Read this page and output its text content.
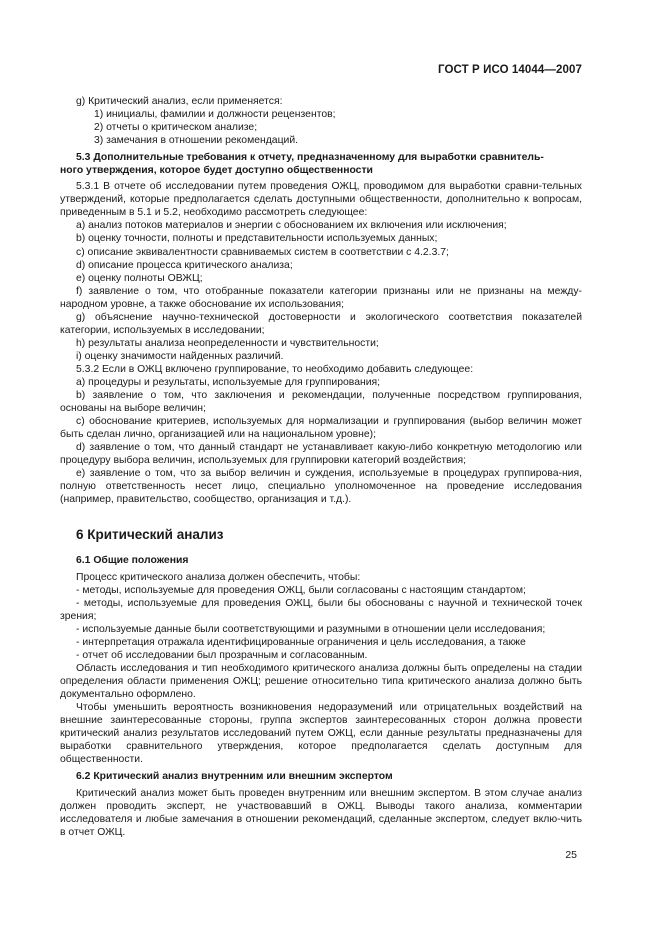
ГОСТ Р ИСО 14044—2007

g) Критический анализ, если применяется:

1) инициалы, фамилии и должности рецензентов;

2) отчеты о критическом анализе;

3) замечания в отношении рекомендаций.

5.3 Дополнительные требования к отчету, предназначенному для выработки сравнитель-

ного утверждения, которое будет доступно общественности

5.3.1 В отчете об исследовании путем проведения ОЖЦ, проводимом для выработки сравни-тельных утверждений, которые предполагается сделать доступными общественности, дополнительно к вопросам, приведенным в 5.1 и 5.2, необходимо рассмотреть следующее:

a) анализ потоков материалов и энергии с обоснованием их включения или исключения;

b) оценку точности, полноты и представительности используемых данных;

c) описание эквивалентности сравниваемых систем в соответствии с 4.2.3.7;

d) описание процесса критического анализа;

e) оценку полноты ОВЖЦ;

f) заявление о том, что отобранные показатели категории признаны или не признаны на между-народном уровне, а также обоснование их использования;

g) объяснение научно-технической достоверности и экологического соответствия показателей категории, используемых в исследовании;

h) результаты анализа неопределенности и чувствительности;

i) оценку значимости найденных различий.

5.3.2 Если в ОЖЦ включено группирование, то необходимо добавить следующее:

a) процедуры и результаты, используемые для группирования;

b) заявление о том, что заключения и рекомендации, полученные посредством группирования, основаны на выборе величин;

c) обоснование критериев, используемых для нормализации и группирования (выбор величин может быть сделан лично, организацией или на национальном уровне);

d) заявление о том, что данный стандарт не устанавливает какую-либо конкретную методологию или процедуру выбора величин, используемых для группировки категорий воздействия;

e) заявление о том, что за выбор величин и суждения, используемые в процедурах группирова-ния, полную ответственность несет лицо, специально уполномоченное на проведение исследования (например, правительство, сообщество, организация и т.д.).

6 Критический анализ

6.1 Общие положения

Процесс критического анализа должен обеспечить, чтобы:

- методы, используемые для проведения ОЖЦ, были согласованы с настоящим стандартом;

- методы, используемые для проведения ОЖЦ, были бы обоснованы с научной и технической точек зрения;

- используемые данные были соответствующими и разумными в отношении цели исследования;

- интерпретация отражала идентифицированные ограничения и цель исследования, а также

- отчет об исследовании был прозрачным и согласованным.

Область исследования и тип необходимого критического анализа должны быть определены на стадии определения области применения ОЖЦ; решение относительно типа критического анализа должно быть документально оформлено.

Чтобы уменьшить вероятность возникновения недоразумений или отрицательных воздействий на внешние заинтересованные стороны, группа экспертов заинтересованных сторон должна провести критический анализ результатов исследований путем ОЖЦ, если данные результаты предназначены для выработки сравнительного утверждения, которое предполагается сделать доступным для общественности.

6.2 Критический анализ внутренним или внешним экспертом

Критический анализ может быть проведен внутренним или внешним экспертом. В этом случае анализ должен проводить эксперт, не участвовавший в ОЖЦ. Выводы такого анализа, комментарии исследователя и любые замечания в отношении рекомендаций, сделанные экспертом, следует вклю-чить в отчет ОЖЦ.

25
